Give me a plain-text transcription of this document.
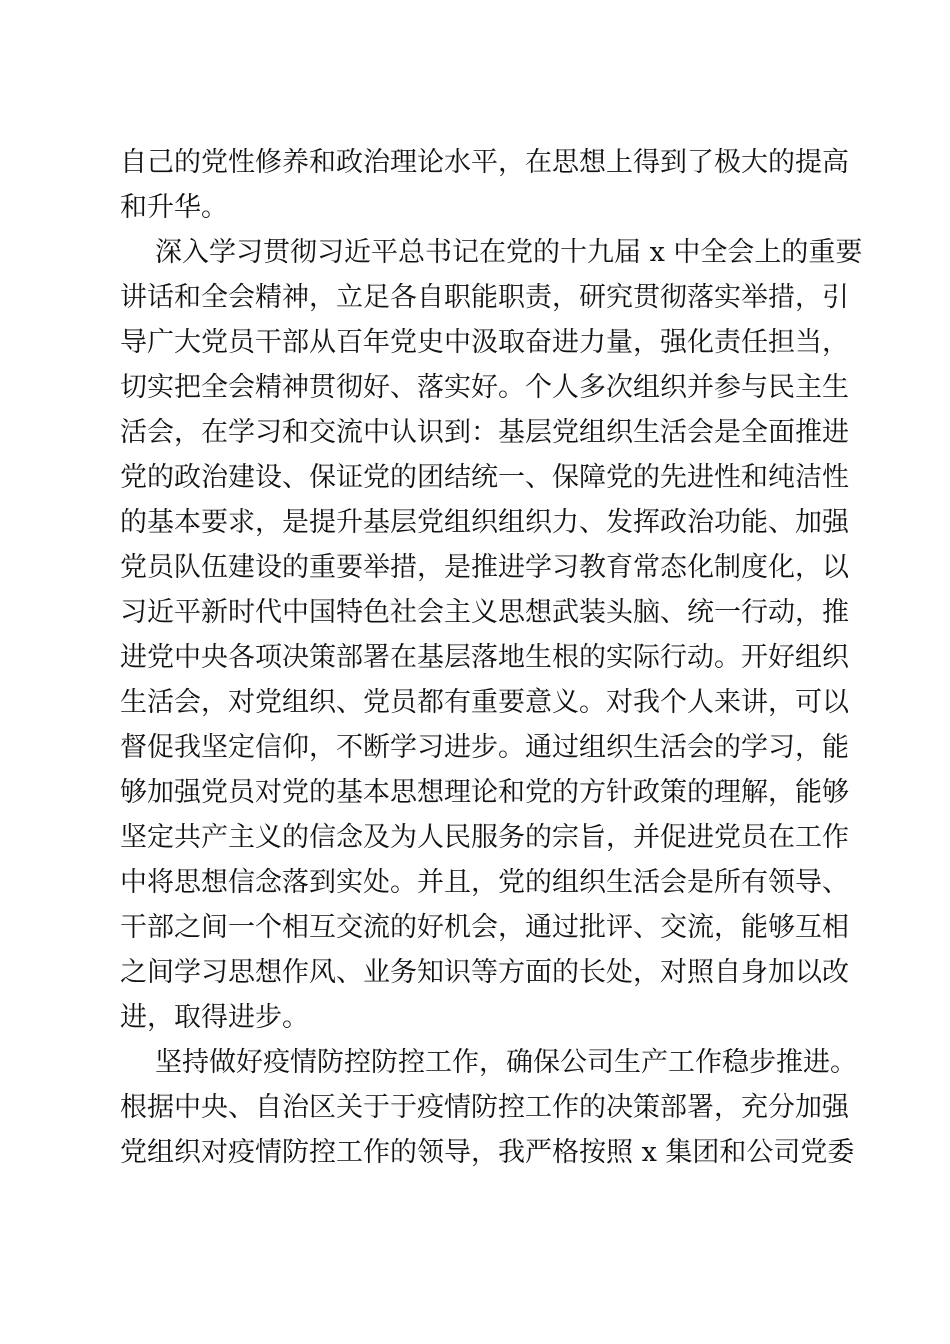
自己的党性修养和政治理论水平，在思想上得到了极大的提高

和升华。

深入学习贯彻习近平总书记在党的十九届 x 中全会上的重要

讲话和全会精神，立足各自职能职责，研究贯彻落实举措，引

导广大党员干部从百年党史中汲取奋进力量，强化责任担当，

切实把全会精神贯彻好、落实好。个人多次组织并参与民主生

活会，在学习和交流中认识到：基层党组织生活会是全面推进

党的政治建设、保证党的团结统一、保障党的先进性和纯洁性

的基本要求，是提升基层党组织组织力、发挥政治功能、加强

党员队伍建设的重要举措，是推进学习教育常态化制度化，以

习近平新时代中国特色社会主义思想武装头脑、统一行动，推

进党中央各项决策部署在基层落地生根的实际行动。开好组织

生活会，对党组织、党员都有重要意义。对我个人来讲，可以

督促我坚定信仰，不断学习进步。通过组织生活会的学习，能

够加强党员对党的基本思想理论和党的方针政策的理解，能够

坚定共产主义的信念及为人民服务的宗旨，并促进党员在工作

中将思想信念落到实处。并且，党的组织生活会是所有领导、

干部之间一个相互交流的好机会，通过批评、交流，能够互相

之间学习思想作风、业务知识等方面的长处，对照自身加以改

进，取得进步。

坚持做好疫情防控防控工作，确保公司生产工作稳步推进。

根据中央、自治区关于于疫情防控工作的决策部署，充分加强

党组织对疫情防控工作的领导，我严格按照 x 集团和公司党委
